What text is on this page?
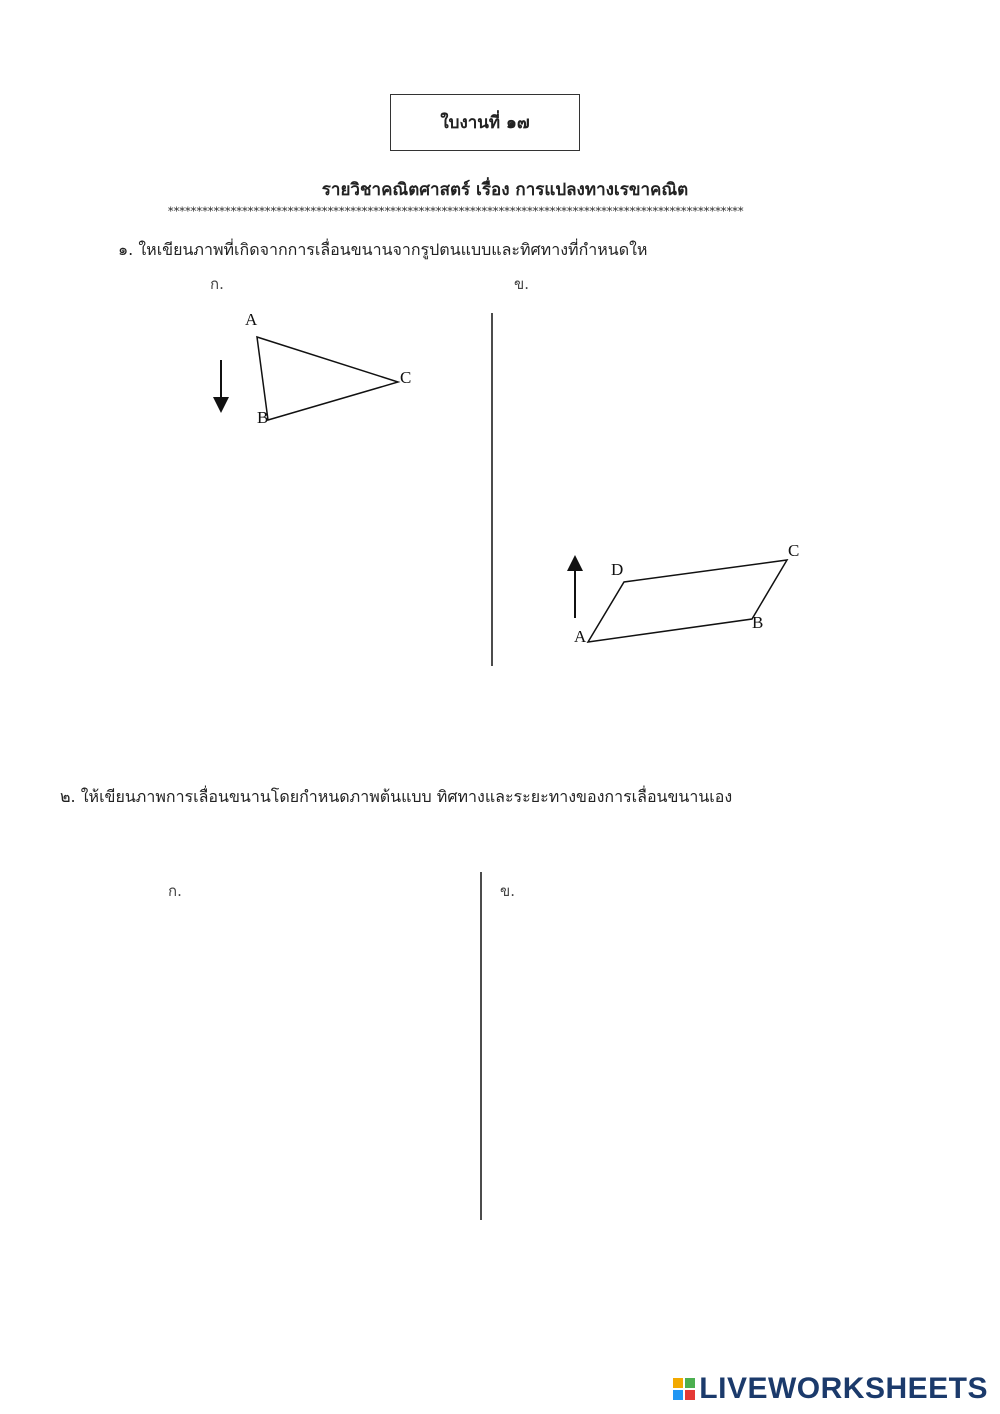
ใบงานที่ ๑๗
รายวิชาคณิตศาสตร์ เรื่อง การแปลงทางเรขาคณิต
*****************************************************************************************************
๑. ใหเขียนภาพที่เกิดจากการเลื่อนขนานจากรูปตนแบบและทิศทางที่กําหนดให
ก.	ข.
A
B
C
A
B
C
D
๒. ให้เขียนภาพการเลื่อนขนานโดยกำหนดภาพต้นแบบ ทิศทางและระยะทางของการเลื่อนขนานเอง
ก.	ข.
LIVEWORKSHEETS
